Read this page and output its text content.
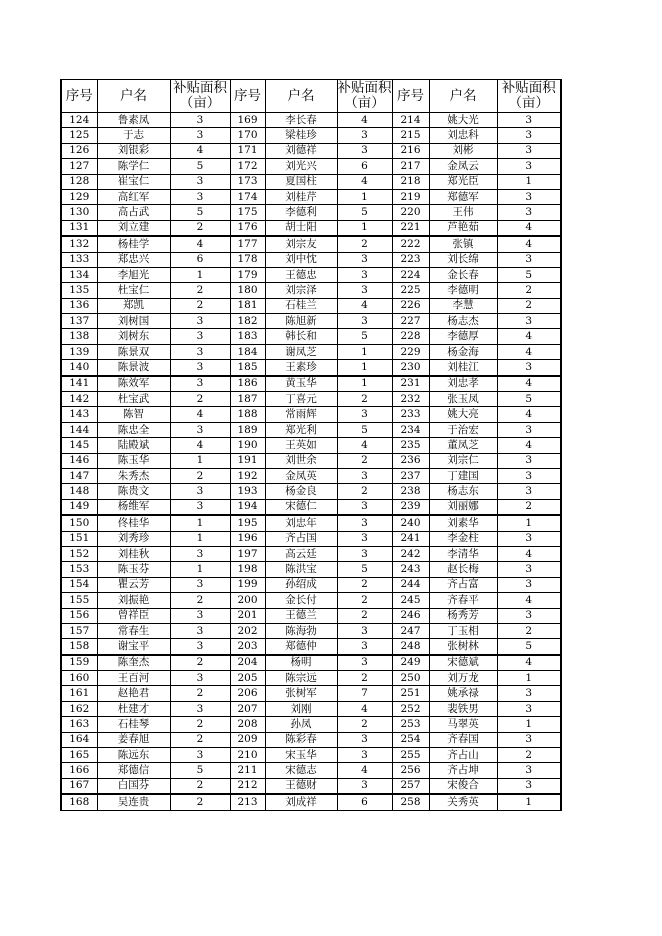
序号	户名	补贴面积（亩）	序号	户名	补贴面积（亩）	序号	户名	补贴面积（亩）
124	鲁素凤	3	169	李长春	4	214	姚大光	3
125	于志	3	170	梁桂珍	3	215	刘忠科	3
126	刘银彩	4	171	刘德祥	3	216	刘彬	3
127	陈学仁	5	172	刘光兴	6	217	金凤云	3
128	崔宝仁	3	173	夏国柱	4	218	郑光臣	1
129	高红军	3	174	刘桂芹	1	219	郑德军	3
130	高占武	5	175	李德利	5	220	王伟	3
131	刘立建	2	176	胡士阳	1	221	芦艳茹	4
132	杨桂学	4	177	刘宗友	2	222	张镇	4
133	郑忠兴	6	178	刘中忱	3	223	刘长绵	3
134	李旭光	1	179	王德忠	3	224	金长春	5
135	杜宝仁	2	180	刘宗泽	3	225	李德明	2
136	郑凯	2	181	石桂兰	4	226	李慧	2
137	刘树国	3	182	陈旭新	3	227	杨志杰	3
138	刘树东	3	183	韩长和	5	228	李德厚	4
139	陈景双	3	184	谢凤芝	1	229	杨金海	4
140	陈景波	3	185	王素珍	1	230	刘桂江	3
141	陈效军	3	186	黄玉华	1	231	刘忠孝	4
142	杜宝武	2	187	丁喜元	2	232	张玉凤	5
143	陈智	4	188	常雨辉	3	233	姚大亮	4
144	陈忠全	3	189	郑光利	5	234	于治宏	3
145	陆殿斌	4	190	王英如	4	235	董凤芝	4
146	陈玉华	1	191	刘世余	2	236	刘宗仁	3
147	朱秀杰	2	192	金凤英	3	237	丁建国	3
148	陈贵文	3	193	杨金良	2	238	杨志东	3
149	杨维军	3	194	宋德仁	3	239	刘丽娜	2
150	佟桂华	1	195	刘忠年	3	240	刘素华	1
151	刘秀珍	1	196	齐占国	3	241	李金柱	3
152	刘桂秋	3	197	高云廷	3	242	李清华	4
153	陈玉芬	1	198	陈洪宝	5	243	赵长梅	3
154	瞿云芳	3	199	孙绍成	2	244	齐占富	3
155	刘振艳	2	200	金长付	2	245	齐春平	4
156	曾祥臣	3	201	王德兰	2	246	杨秀芳	3
157	常春生	3	202	陈海勃	3	247	丁玉相	2
158	谢宝平	3	203	郑德仲	3	248	张树林	5
159	陈奎杰	2	204	杨明	3	249	宋德斌	4
160	王百河	3	205	陈宗远	2	250	刘万龙	1
161	赵艳君	2	206	张树军	7	251	姚承禄	3
162	杜建才	3	207	刘刚	4	252	裴铁男	3
163	石桂琴	2	208	孙凤	2	253	马翠英	1
164	姜春旭	2	209	陈彩春	3	254	齐春国	3
165	陈远东	3	210	宋玉华	3	255	齐占山	2
166	郑德信	5	211	宋德志	4	256	齐占坤	3
167	白国芬	2	212	王德财	3	257	宋俊合	3
168	吴连贵	2	213	刘成祥	6	258	关秀英	1
